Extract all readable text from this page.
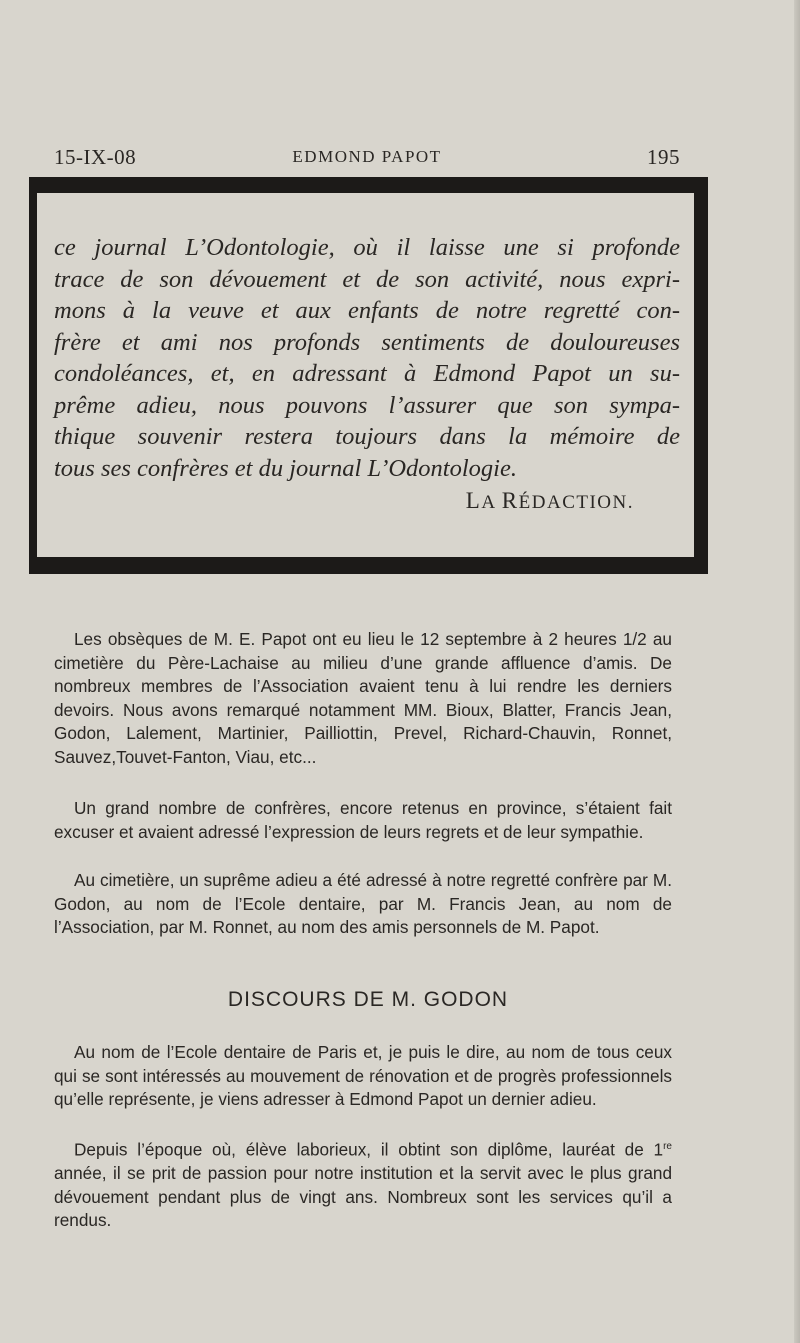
15-IX-08	EDMOND PAPOT	195
ce journal L’Odontologie, où il laisse une si profonde
trace de son dévouement et de son activité, nous expri-
mons à la veuve et aux enfants de notre regretté con-
frère et ami nos profonds sentiments de douloureuses
condoléances, et, en adressant à Edmond Papot un su-
prême adieu, nous pouvons l’assurer que son sympa-
thique souvenir restera toujours dans la mémoire de
tous ses confrères et du journal L’Odontologie.
LA RÉDACTION.

Les obsèques de M. E. Papot ont eu lieu le 12 septembre à 2 heures 1/2 au cimetière du Père-Lachaise au milieu d’une grande affluence d’amis. De nombreux membres de l’Association avaient tenu à lui rendre les derniers devoirs. Nous avons remarqué notamment MM. Bioux, Blatter, Francis Jean, Godon, Lalement, Martinier, Pailliottin, Prevel, Richard-Chauvin, Ronnet, Sauvez,Touvet-Fanton, Viau, etc...

Un grand nombre de confrères, encore retenus en province, s’étaient fait excuser et avaient adressé l’expression de leurs regrets et de leur sympathie.

Au cimetière, un suprême adieu a été adressé à notre regretté confrère par M. Godon, au nom de l’Ecole dentaire, par M. Francis Jean, au nom de l’Association, par M. Ronnet, au nom des amis personnels de M. Papot.

DISCOURS DE M. GODON

Au nom de l’Ecole dentaire de Paris et, je puis le dire, au nom de tous ceux qui se sont intéressés au mouvement de rénovation et de progrès professionnels qu’elle représente, je viens adresser à Edmond Papot un dernier adieu.

Depuis l’époque où, élève laborieux, il obtint son diplôme, lauréat de 1re année, il se prit de passion pour notre institution et la servit avec le plus grand dévouement pendant plus de vingt ans. Nombreux sont les services qu’il a rendus.
